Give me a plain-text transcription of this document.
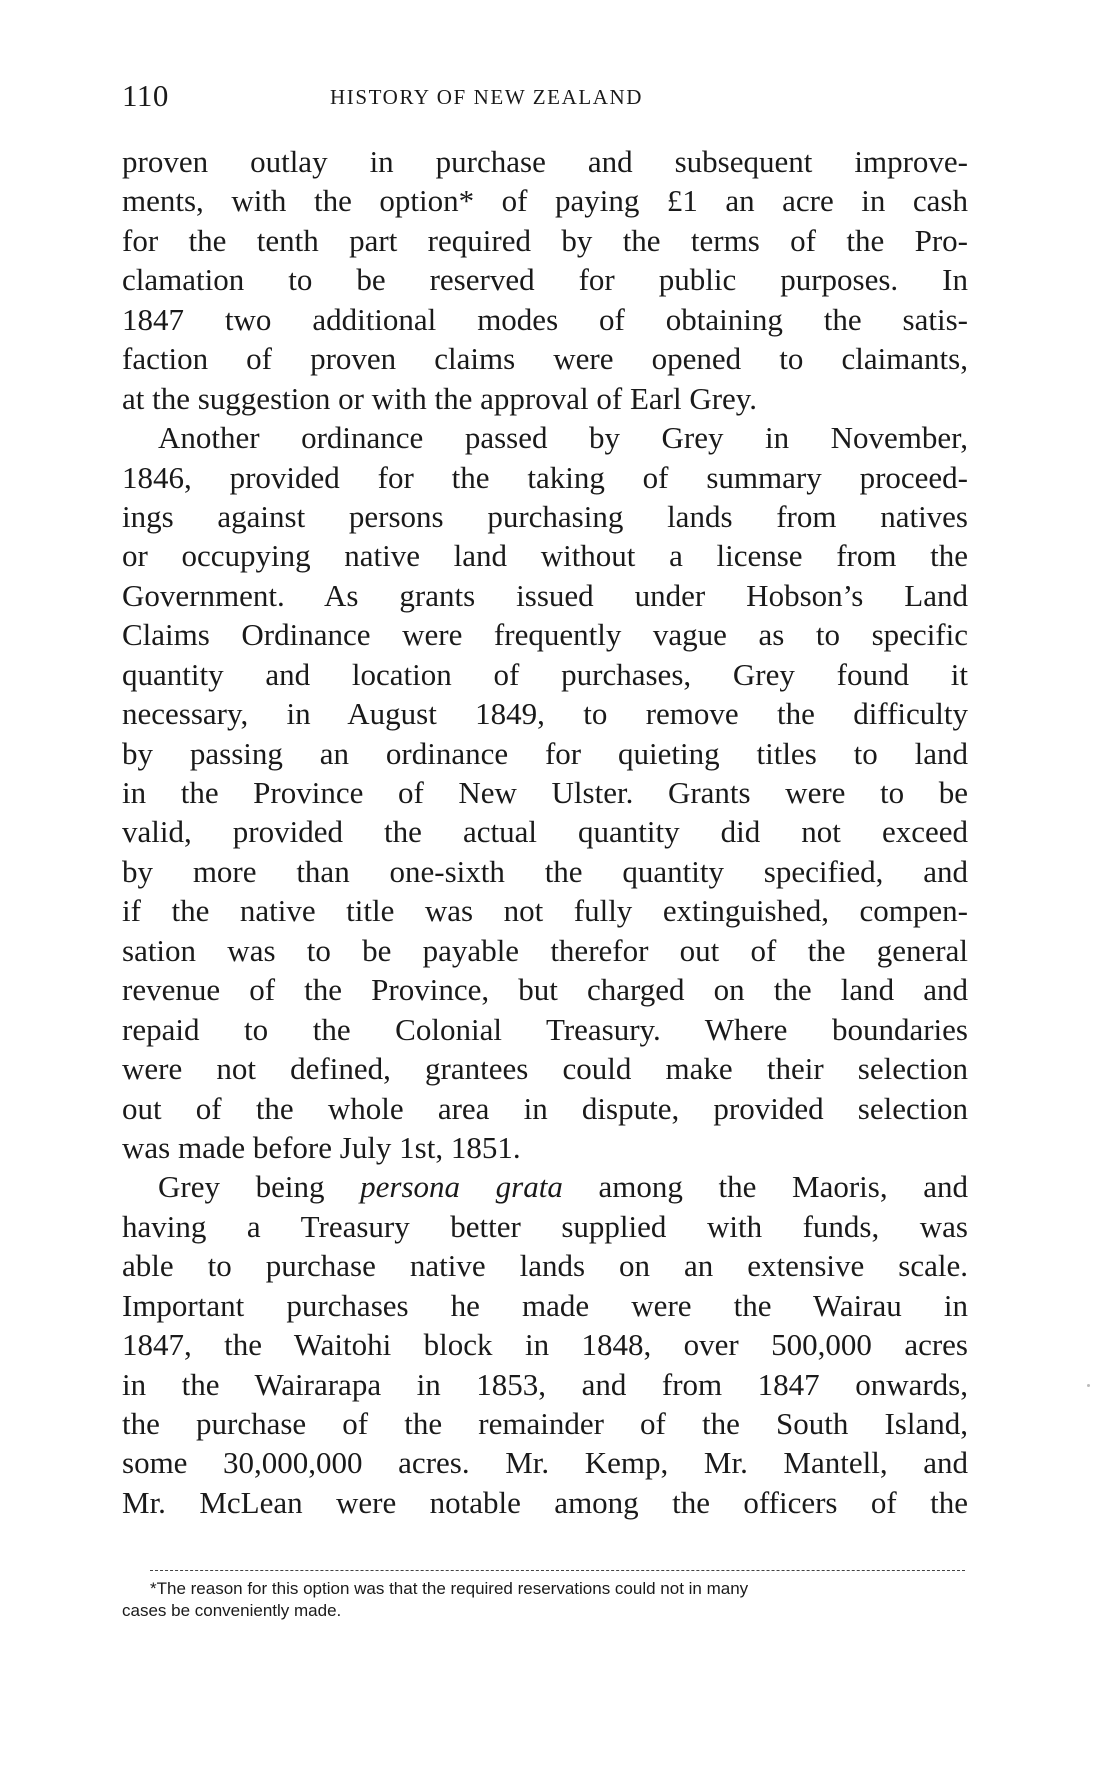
110	HISTORY OF NEW ZEALAND
proven outlay in purchase and subsequent improve-
ments, with the option* of paying £1 an acre in cash
for the tenth part required by the terms of the Pro-
clamation to be reserved for public purposes. In
1847 two additional modes of obtaining the satis-
faction of proven claims were opened to claimants,
at the suggestion or with the approval of Earl Grey.
Another ordinance passed by Grey in November,
1846, provided for the taking of summary proceed-
ings against persons purchasing lands from natives
or occupying native land without a license from the
Government. As grants issued under Hobson’s Land
Claims Ordinance were frequently vague as to specific
quantity and location of purchases, Grey found it
necessary, in August 1849, to remove the difficulty
by passing an ordinance for quieting titles to land
in the Province of New Ulster. Grants were to be
valid, provided the actual quantity did not exceed
by more than one-sixth the quantity specified, and
if the native title was not fully extinguished, compen-
sation was to be payable therefor out of the general
revenue of the Province, but charged on the land and
repaid to the Colonial Treasury. Where boundaries
were not defined, grantees could make their selection
out of the whole area in dispute, provided selection
was made before July 1st, 1851.
Grey being persona grata among the Maoris, and
having a Treasury better supplied with funds, was
able to purchase native lands on an extensive scale.
Important purchases he made were the Wairau in
1847, the Waitohi block in 1848, over 500,000 acres
in the Wairarapa in 1853, and from 1847 onwards,
the purchase of the remainder of the South Island,
some 30,000,000 acres. Mr. Kemp, Mr. Mantell, and
Mr. McLean were notable among the officers of the
*The reason for this option was that the required reservations could not in many
cases be conveniently made.
